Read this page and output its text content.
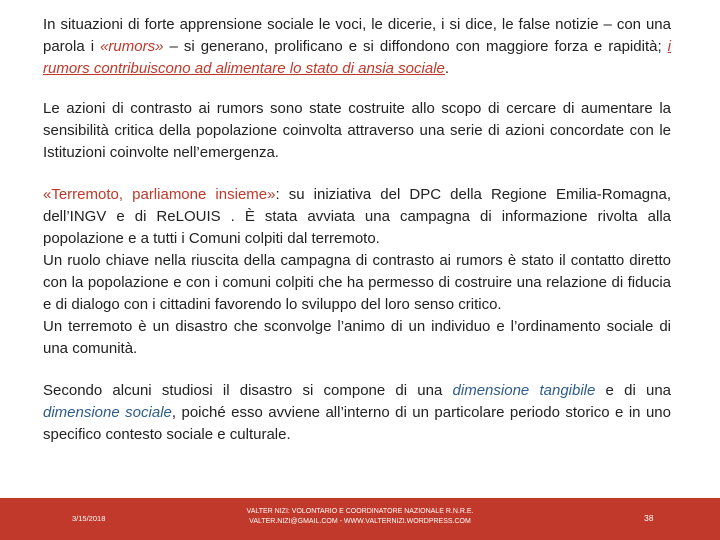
In situazioni di forte apprensione sociale le voci, le dicerie, i si dice, le false notizie – con una parola i «rumors» – si generano, prolificano e si diffondono con maggiore forza e rapidità; i rumors contribuiscono ad alimentare lo stato di ansia sociale.

Le azioni di contrasto ai rumors sono state costruite allo scopo di cercare di aumentare la sensibilità critica della popolazione coinvolta attraverso una serie di azioni concordate con le Istituzioni coinvolte nell’emergenza.

«Terremoto, parliamone insieme»: su iniziativa del DPC della Regione Emilia-Romagna, dell’INGV e di ReLOUIS . È stata avviata una campagna di informazione rivolta alla popolazione e a tutti i Comuni colpiti dal terremoto.

Un ruolo chiave nella riuscita della campagna di contrasto ai rumors è stato il contatto diretto con la popolazione e con i comuni colpiti che ha permesso di costruire una relazione di fiducia e di dialogo con i cittadini favorendo lo sviluppo del loro senso critico.

Un terremoto è un disastro che sconvolge l’animo di un individuo e l’ordinamento sociale di una comunità.

Secondo alcuni studiosi il disastro si compone di una dimensione tangibile e di una dimensione sociale, poiché esso avviene all’interno di un particolare periodo storico e in uno specifico contesto sociale e culturale.

3/15/2018
VALTER NIZI: VOLONTARIO E COORDINATORE NAZIONALE R.N.R.E.
VALTER.NIZI@GMAIL.COM - WWW.VALTERNIZI.WORDPRESS.COM	38
